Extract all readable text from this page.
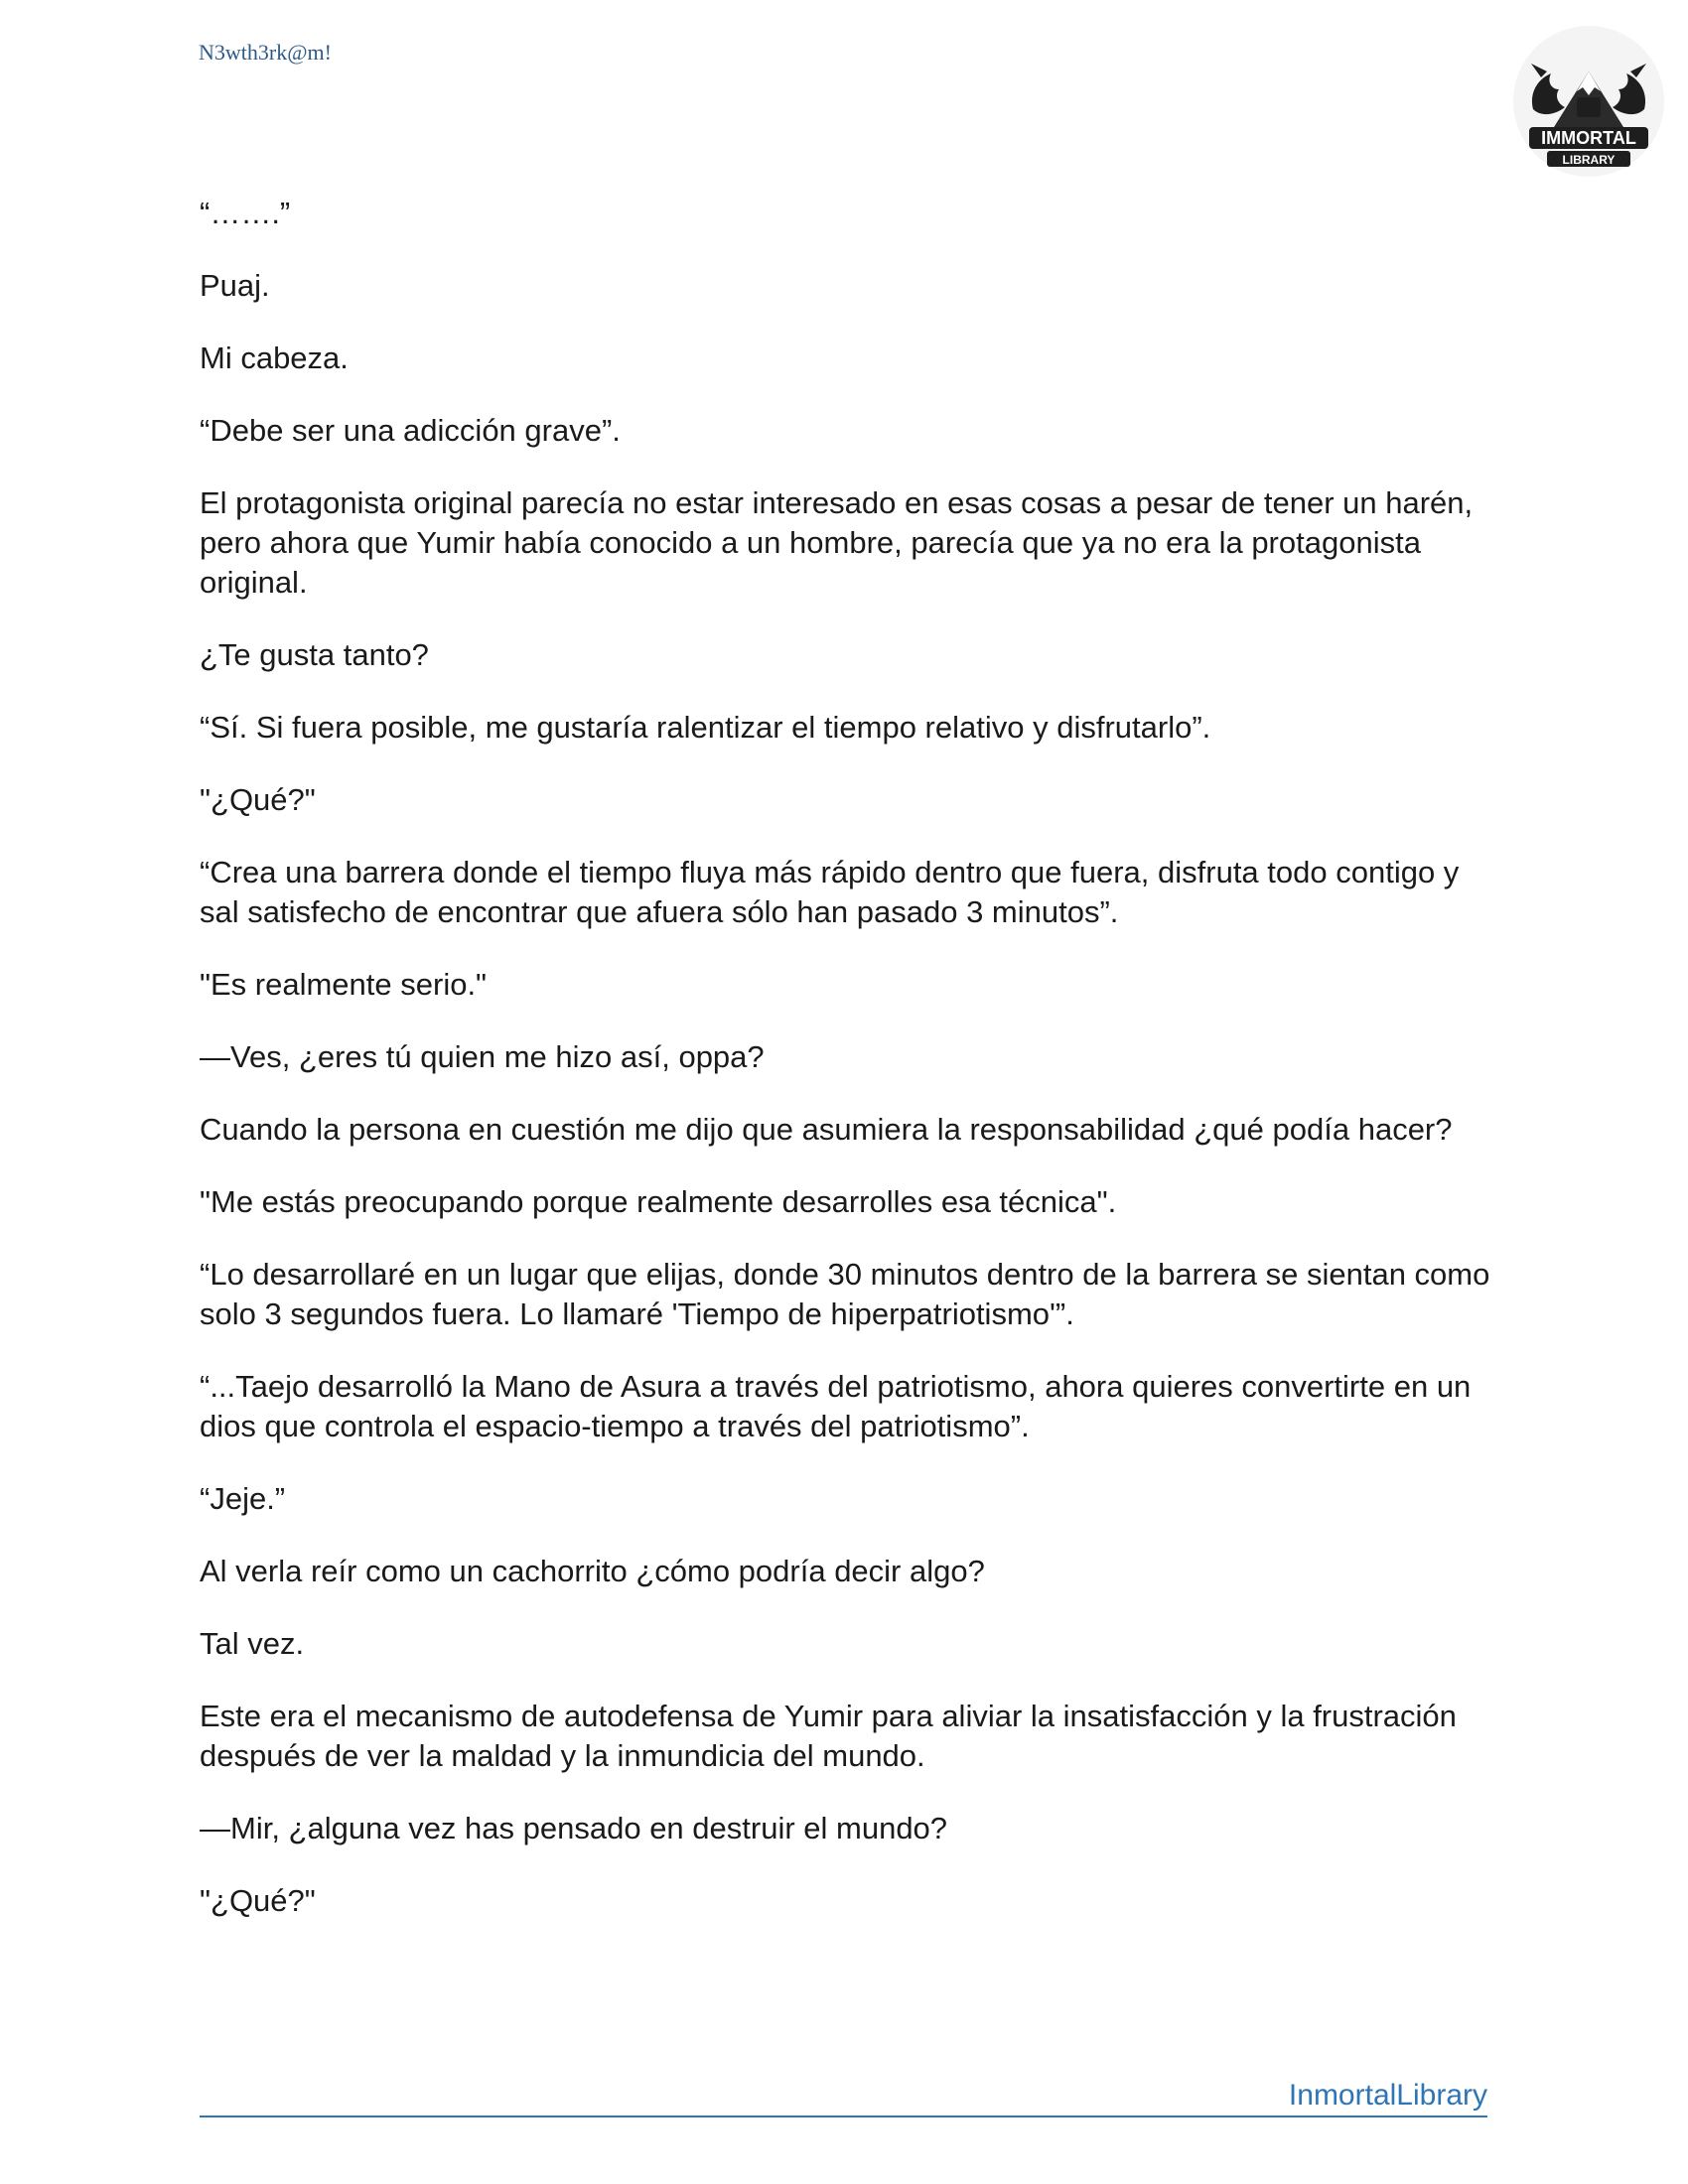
N3wth3rk@m!
IMMORTAL
LIBRARY

“…….”

Puaj.

Mi cabeza.

“Debe ser una adicción grave”.

El protagonista original parecía no estar interesado en esas cosas a pesar de tener un harén, pero ahora que Yumir había conocido a un hombre, parecía que ya no era la protagonista original.

¿Te gusta tanto?

“Sí. Si fuera posible, me gustaría ralentizar el tiempo relativo y disfrutarlo”.

"¿Qué?"

“Crea una barrera donde el tiempo fluya más rápido dentro que fuera, disfruta todo contigo y sal satisfecho de encontrar que afuera sólo han pasado 3 minutos”.

"Es realmente serio."

—Ves, ¿eres tú quien me hizo así, oppa?

Cuando la persona en cuestión me dijo que asumiera la responsabilidad ¿qué podía hacer?

"Me estás preocupando porque realmente desarrolles esa técnica".

“Lo desarrollaré en un lugar que elijas, donde 30 minutos dentro de la barrera se sientan como solo 3 segundos fuera. Lo llamaré 'Tiempo de hiperpatriotismo'”.

“...Taejo desarrolló la Mano de Asura a través del patriotismo, ahora quieres convertirte en un dios que controla el espacio-tiempo a través del patriotismo”.

“Jeje.”

Al verla reír como un cachorrito ¿cómo podría decir algo?

Tal vez.

Este era el mecanismo de autodefensa de Yumir para aliviar la insatisfacción y la frustración después de ver la maldad y la inmundicia del mundo.

—Mir, ¿alguna vez has pensado en destruir el mundo?

"¿Qué?"

InmortalLibrary
